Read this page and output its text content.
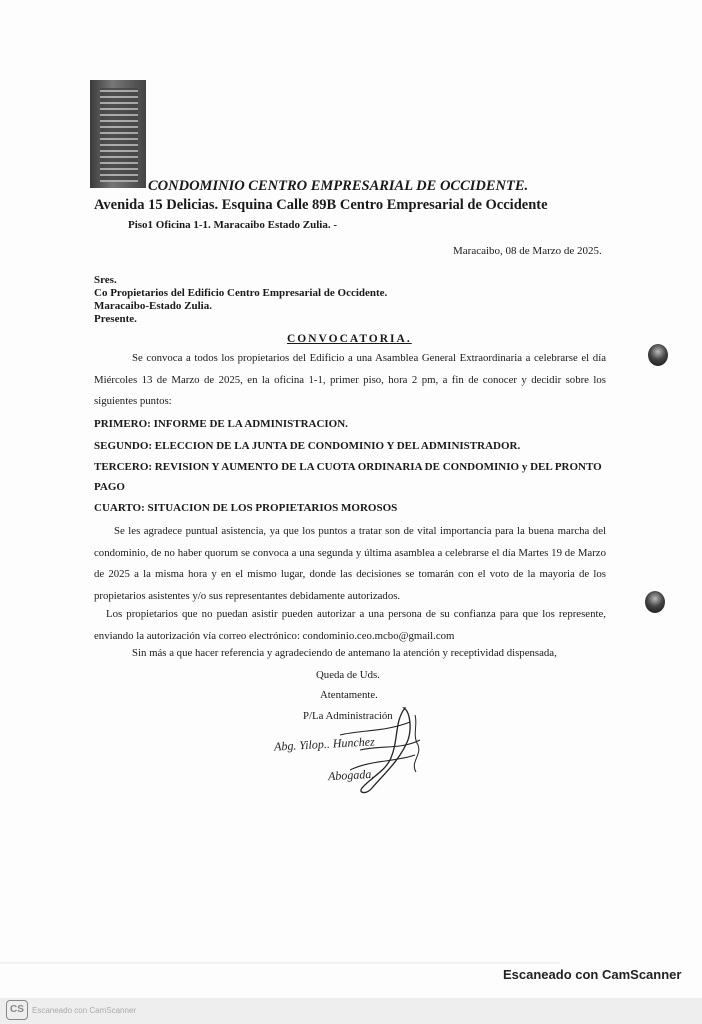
CONDOMINIO CENTRO EMPRESARIAL DE OCCIDENTE.
Avenida 15 Delicias. Esquina Calle 89B Centro Empresarial de Occidente
Piso1 Oficina 1-1. Maracaibo Estado Zulia. -
Maracaibo, 08 de Marzo de 2025.
Sres.
Co Propietarios del Edificio Centro Empresarial de Occidente.
Maracaibo-Estado Zulia.
Presente.
CONVOCATORIA.
Se convoca a todos los propietarios del Edificio a una Asamblea General Extraordinaria a celebrarse el día Miércoles 13 de Marzo de 2025, en la oficina 1-1, primer piso, hora 2 pm, a fin de conocer y decidir sobre los siguientes puntos:
PRIMERO: INFORME DE LA ADMINISTRACION.
SEGUNDO: ELECCION DE LA JUNTA DE CONDOMINIO Y DEL ADMINISTRADOR.
TERCERO: REVISION Y AUMENTO DE LA CUOTA ORDINARIA DE CONDOMINIO y DEL PRONTO
PAGO
CUARTO: SITUACION DE LOS PROPIETARIOS MOROSOS
Se les agradece puntual asistencia, ya que los puntos a tratar son de vital importancia para la buena marcha del condominio, de no haber quorum se convoca a una segunda y última asamblea a celebrarse el día Martes 19 de Marzo de 2025 a la misma hora y en el mismo lugar, donde las decisiones se tomarán con el voto de la mayoria de los propietarios asistentes y/o sus representantes debidamente autorizados.
Los propietarios que no puedan asistir pueden autorizar a una persona de su confianza para que los represente, enviando la autorización vía correo electrónico: condominio.ceo.mcbo@gmail.com
Sin más a que hacer referencia y agradeciendo de antemano la atención y receptividad dispensada,
Queda de Uds.
Atentamente.
P/La Administración
Abg. Yilop.. Hunchez
Abogada.
Escaneado con CamScanner
CS	Escaneado con CamScanner
